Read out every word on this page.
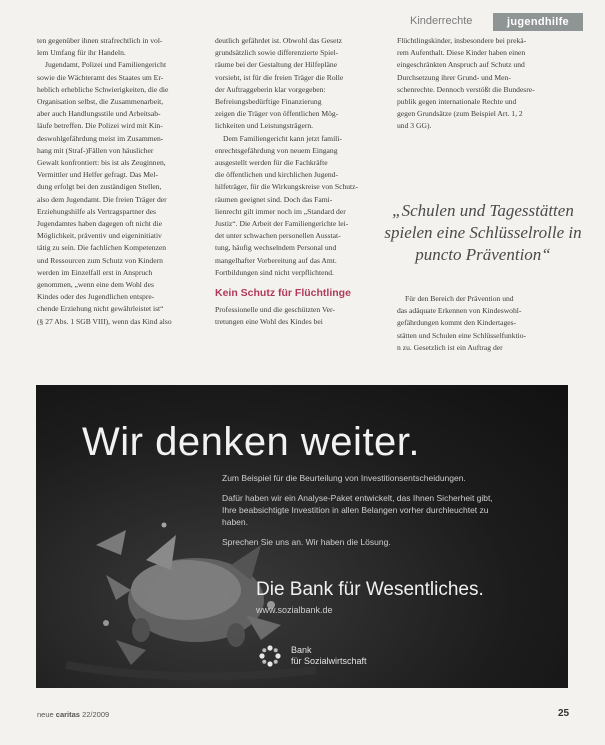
Kinderrechte	jugendhilfe

ten gegenüber ihnen strafrechtlich in vol-

lem Umfang für ihr Handeln.

Jugendamt, Polizei und Familiengericht

sowie die Wächteramt des Staates um Er-

heblich erhebliche Schwierigkeiten, die die

Organisation selbst, die Zusammenarbeit,

aber auch Handlungsstile und Arbeitsab-

läufe betreffen. Die Polizei wird mit Kin-

deswohlgefährdung meist im Zusammen-

hang mit (Straf-)Fällen von häuslicher

Gewalt konfrontiert: bis ist als Zeuginnen,

Vermittler und Helfer gefragt. Das Mel-

dung erfolgt bei den zuständigen Stellen,

also dem Jugendamt. Die freien Träger der

Erziehungshilfe als Vertragspartner des

Jugendamtes haben dagegen oft nicht die

Möglichkeit, präventiv und eigeninitiativ

tätig zu sein. Die fachlichen Kompetenzen

und Ressourcen zum Schutz von Kindern

werden im Einzelfall erst in Anspruch

genommen, „wenn eine dem Wohl des

Kindes oder des Jugendlichen entspre-

chende Erziehung nicht gewährleistet ist“

(§ 27 Abs. 1 SGB VIII), wenn das Kind also

deutlich gefährdet ist. Obwohl das Gesetz

grundsätzlich sowie differenzierte Spiel-

räume bei der Gestaltung der Hilfepläne

vorsieht, ist für die freien Träger die Rolle

der Auftraggeberin klar vorgegeben:

Befreiungsbedürftige Finanzierung

zeigen die Träger von öffentlichen Mög-

lichkeiten und Leistungsträgern.

Dem Familiengericht kann jetzt famili-

enrechtsgefährdung von neuem Eingang

ausgestellt werden für die Fachkräfte

die öffentlichen und kirchlichen Jugend-

hilfeträger, für die Wirkungskreise von Schutz-

räumen geeignet sind. Doch das Fami-

lienrecht gilt immer noch im „Standard der

Justiz“. Die Arbeit der Familiengerichte lei-

det unter schwachen personellen Ausstat-

tung, häufig wechselndem Personal und

mangelhafter Vorbereitung auf das Amt.

Fortbildungen sind nicht verpflichtend.

Kein Schutz für Flüchtlinge

Professionelle und die geschützten Ver-

tretungen eine Wohl des Kindes bei

Flüchtlingskinder, insbesondere bei prekä-

rem Aufenthalt. Diese Kinder haben einen

eingeschränkten Anspruch auf Schutz und

Durchsetzung ihrer Grund- und Men-

schenrechte. Dennoch verstößt die Bundesre-

publik gegen internationale Rechte und

gegen Grundsätze (zum Beispiel Art. 1, 2

und 3 GG).

„Schulen und Tagesstätten spielen eine Schlüsselrolle in puncto Prävention“

Für den Bereich der Prävention und

das adäquate Erkennen von Kindeswohl-

gefährdungen kommt den Kindertages-

stätten und Schulen eine Schlüsselfunktio-

n zu. Gesetzlich ist ein Auftrag der

Wir denken weiter.
Zum Beispiel für die Beurteilung von Investitionsentscheidungen.
Dafür haben wir ein Analyse-Paket entwickelt, das Ihnen Sicherheit gibt,
Ihre beabsichtigte Investition in allen Belangen vorher durchleuchtet zu
haben.
Sprechen Sie uns an. Wir haben die Lösung.
Die Bank für Wesentliches.
www.sozialbank.de
Bank
für Sozialwirtschaft
neue caritas 22/2009	25
